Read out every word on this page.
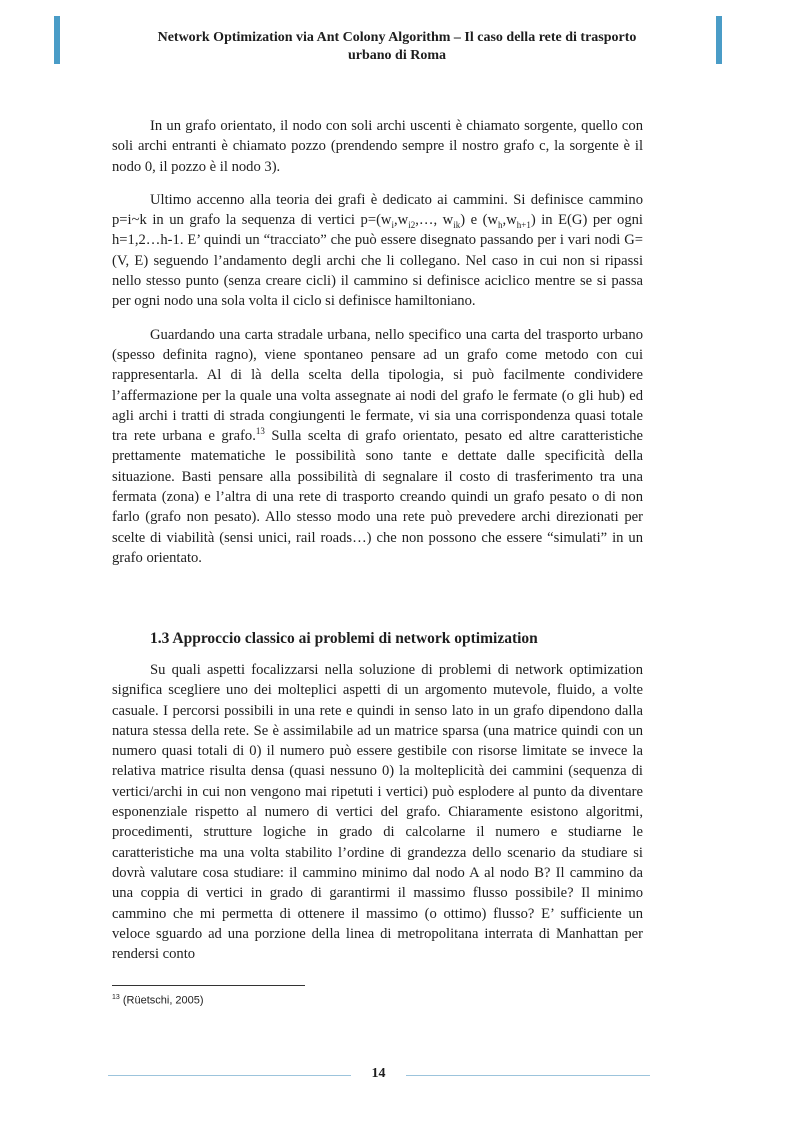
Network Optimization via Ant Colony Algorithm – Il caso della rete di trasporto
urbano di Roma

In un grafo orientato, il nodo con soli archi uscenti è chiamato sorgente, quello con soli archi entranti è chiamato pozzo (prendendo sempre il nostro grafo c, la sorgente è il nodo 0, il pozzo è il nodo 3).

Ultimo accenno alla teoria dei grafi è dedicato ai cammini. Si definisce cammino p=i~k in un grafo la sequenza di vertici $p=(w_i,w_{i2},\dots$, $w_{ik}$) e $(w_h,w_{h+1})$ in E(G) per ogni h=1,2…h-1. E’ quindi un “tracciato” che può essere disegnato passando per i vari nodi G=(V, E) seguendo l’andamento degli archi che li collegano. Nel caso in cui non si ripassi nello stesso punto (senza creare cicli) il cammino si definisce aciclico mentre se si passa per ogni nodo una sola volta il ciclo si definisce hamiltoniano.

Guardando una carta stradale urbana, nello specifico una carta del trasporto urbano (spesso definita ragno), viene spontaneo pensare ad un grafo come metodo con cui rappresentarla. Al di là della scelta della tipologia, si può facilmente condividere l’affermazione per la quale una volta assegnate ai nodi del grafo le fermate (o gli hub) ed agli archi i tratti di strada congiungenti le fermate, vi sia una corrispondenza quasi totale tra rete urbana e grafo.$^{13}$ Sulla scelta di grafo orientato, pesato ed altre caratteristiche prettamente matematiche le possibilità sono tante e dettate dalle specificità della situazione. Basti pensare alla possibilità di segnalare il costo di trasferimento tra una fermata (zona) e l’altra di una rete di trasporto creando quindi un grafo pesato o di non farlo (grafo non pesato). Allo stesso modo una rete può prevedere archi direzionati per scelte di viabilità (sensi unici, rail roads…) che non possono che essere “simulati” in un grafo orientato.

1.3 Approccio classico ai problemi di network optimization

Su quali aspetti focalizzarsi nella soluzione di problemi di network optimization significa scegliere uno dei molteplici aspetti di un argomento mutevole, fluido, a volte casuale. I percorsi possibili in una rete e quindi in senso lato in un grafo dipendono dalla natura stessa della rete. Se è assimilabile ad un matrice sparsa (una matrice quindi con un numero quasi totali di 0) il numero può essere gestibile con risorse limitate se invece la relativa matrice risulta densa (quasi nessuno 0) la molteplicità dei cammini (sequenza di vertici/archi in cui non vengono mai ripetuti i vertici) può esplodere al punto da diventare esponenziale rispetto al numero di vertici del grafo. Chiaramente esistono algoritmi, procedimenti, strutture logiche in grado di calcolarne il numero e studiarne le caratteristiche ma una volta stabilito l’ordine di grandezza dello scenario da studiare si dovrà valutare cosa studiare: il cammino minimo dal nodo A al nodo B? Il cammino da una coppia di vertici in grado di garantirmi il massimo flusso possibile? Il minimo cammino che mi permetta di ottenere il massimo (o ottimo) flusso? E’ sufficiente un veloce sguardo ad una porzione della linea di metropolitana interrata di Manhattan per rendersi conto

$^{13}$ (Rüetschi, 2005)
14
